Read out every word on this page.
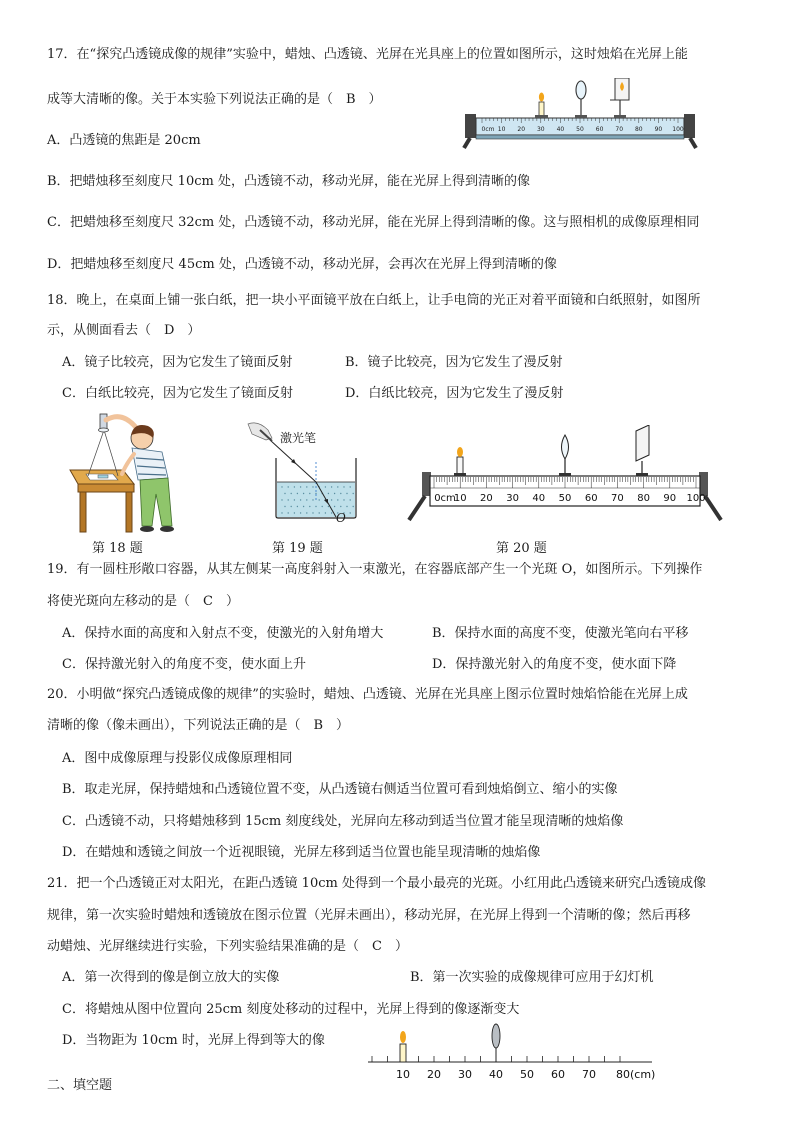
17．在“探究凸透镜成像的规律”实验中，蜡烛、凸透镜、光屏在光具座上的位置如图所示，这时烛焰在光屏上能
成等大清晰的像。关于本实验下列说法正确的是（　B　）
A．凸透镜的焦距是 20cm
B．把蜡烛移至刻度尺 10cm 处，凸透镜不动，移动光屏，能在光屏上得到清晰的像
C．把蜡烛移至刻度尺 32cm 处，凸透镜不动，移动光屏，能在光屏上得到清晰的像。这与照相机的成像原理相同
D．把蜡烛移至刻度尺 45cm 处，凸透镜不动，移动光屏，会再次在光屏上得到清晰的像
0cm 10 20 30 40 50 60 70 80 90 100
18．晚上，在桌面上铺一张白纸，把一块小平面镜平放在白纸上，让手电筒的光正对着平面镜和白纸照射，如图所
示，从侧面看去（　D　）
A．镜子比较亮，因为它发生了镜面反射	B．镜子比较亮，因为它发生了漫反射
C．白纸比较亮，因为它发生了镜面反射	D．白纸比较亮，因为它发生了漫反射
第 18 题
激光笔
O
第 19 题
0cm
10 20 30 40 50 60 70 80 90 100
第 20 题
19．有一圆柱形敞口容器，从其左侧某一高度斜射入一束激光，在容器底部产生一个光斑 O，如图所示。下列操作
将使光斑向左移动的是（　C　）
A．保持水面的高度和入射点不变，使激光的入射角增大	B．保持水面的高度不变，使激光笔向右平移
C．保持激光射入的角度不变，使水面上升	D．保持激光射入的角度不变，使水面下降
20．小明做“探究凸透镜成像的规律”的实验时，蜡烛、凸透镜、光屏在光具座上图示位置时烛焰恰能在光屏上成
清晰的像（像未画出），下列说法正确的是（　B　）
A．图中成像原理与投影仪成像原理相同
B．取走光屏，保持蜡烛和凸透镜位置不变，从凸透镜右侧适当位置可看到烛焰倒立、缩小的实像
C．凸透镜不动，只将蜡烛移到 15cm 刻度线处，光屏向左移动到适当位置才能呈现清晰的烛焰像
D．在蜡烛和透镜之间放一个近视眼镜，光屏左移到适当位置也能呈现清晰的烛焰像
21．把一个凸透镜正对太阳光，在距凸透镜 10cm 处得到一个最小最亮的光斑。小红用此凸透镜来研究凸透镜成像
规律，第一次实验时蜡烛和透镜放在图示位置（光屏未画出），移动光屏，在光屏上得到一个清晰的像；然后再移
动蜡烛、光屏继续进行实验，下列实验结果准确的是（　C　）
A．第一次得到的像是倒立放大的实像	B．第一次实验的成像规律可应用于幻灯机
C．将蜡烛从图中位置向 25cm 刻度处移动的过程中，光屏上得到的像逐渐变大
D．当物距为 10cm 时，光屏上得到等大的像
10 20 30 40 50 60 70 80(cm)
二、填空题
